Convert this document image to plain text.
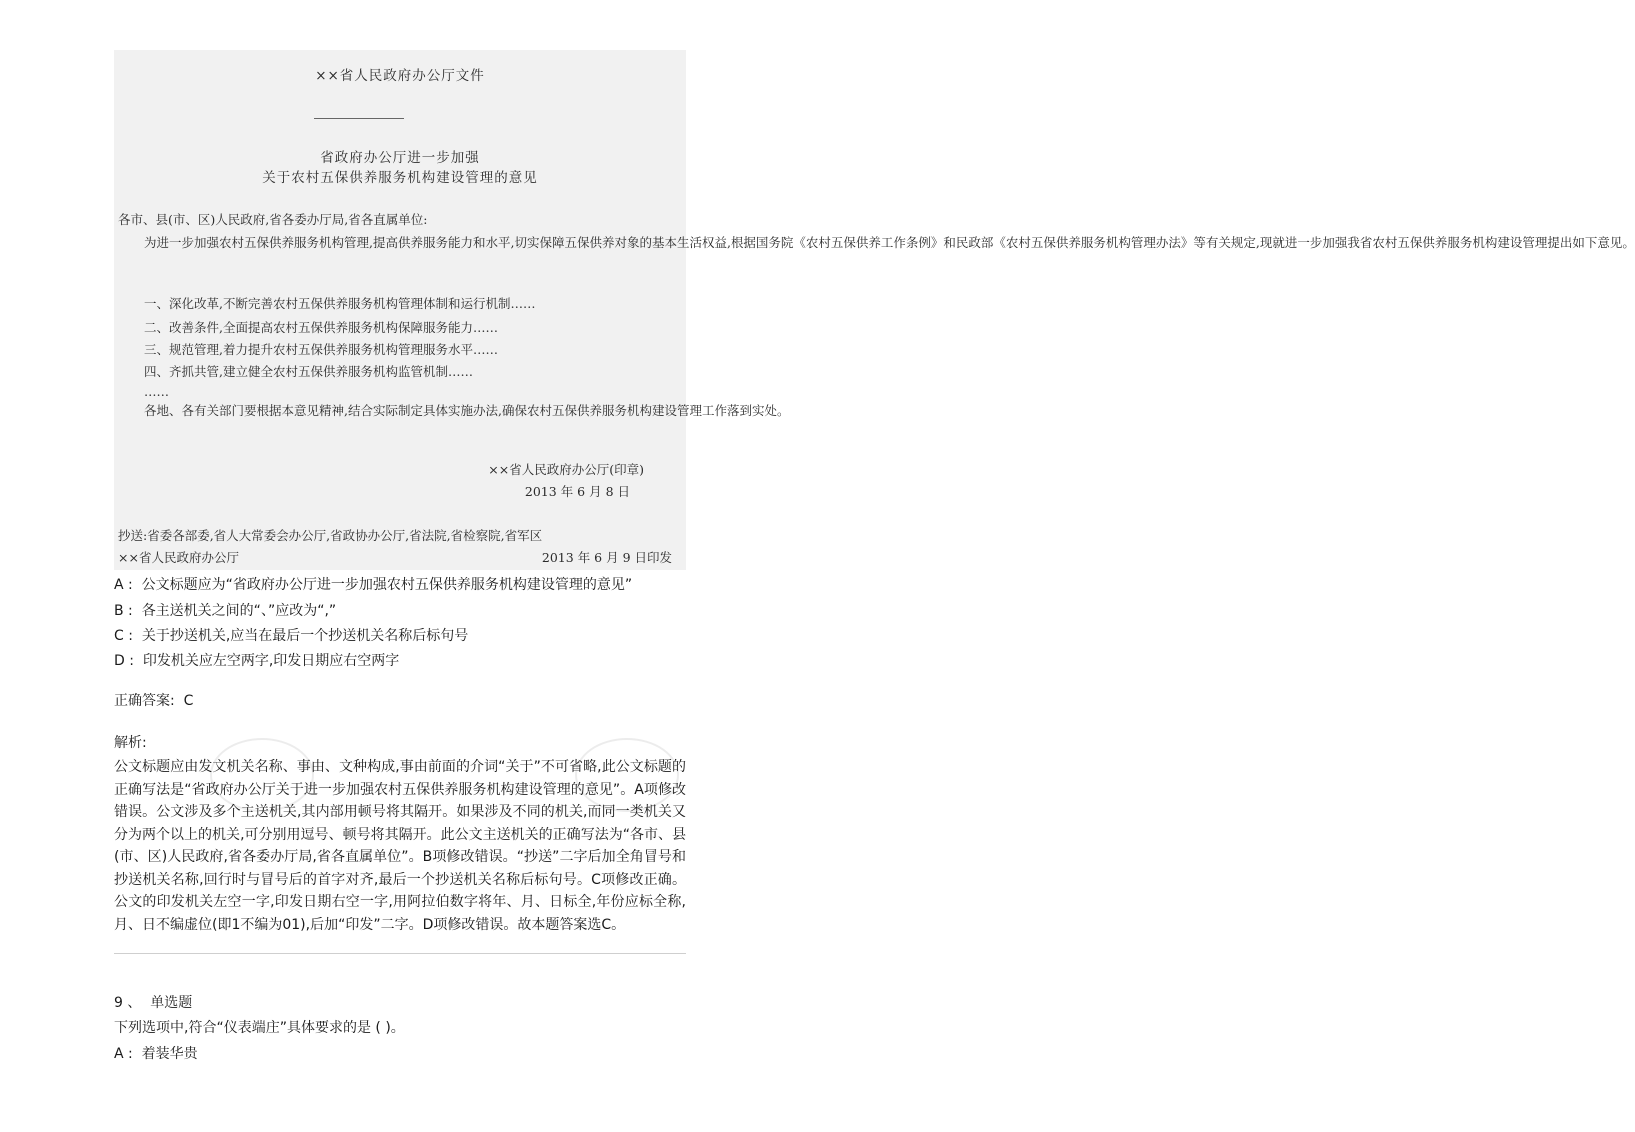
××省人民政府办公厅文件
省政府办公厅进一步加强
关于农村五保供养服务机构建设管理的意见
各市、县(市、区)人民政府,省各委办厅局,省各直属单位:
为进一步加强农村五保供养服务机构管理,提高供养服务能力和水平,切实保障五保供养对象的基本生活权益,根据国务院《农村五保供养工作条例》和民政部《农村五保供养服务机构管理办法》等有关规定,现就进一步加强我省农村五保供养服务机构建设管理提出如下意见。
一、深化改革,不断完善农村五保供养服务机构管理体制和运行机制……
二、改善条件,全面提高农村五保供养服务机构保障服务能力……
三、规范管理,着力提升农村五保供养服务机构管理服务水平……
四、齐抓共管,建立健全农村五保供养服务机构监管机制……
……
各地、各有关部门要根据本意见精神,结合实际制定具体实施办法,确保农村五保供养服务机构建设管理工作落到实处。
××省人民政府办公厅(印章)
2013 年 6 月 8 日
抄送:省委各部委,省人大常委会办公厅,省政协办公厅,省法院,省检察院,省军区
××省人民政府办公厅	2013 年 6 月 9 日印发
A : 公文标题应为“省政府办公厅进一步加强农村五保供养服务机构建设管理的意见”
B : 各主送机关之间的“、”应改为“,”
C : 关于抄送机关,应当在最后一个抄送机关名称后标句号
D : 印发机关应左空两字,印发日期应右空两字
正确答案: C
解析:
公文标题应由发文机关名称、事由、文种构成,事由前面的介词“关于”不可省略,此公文标题的正确写法是“省政府办公厅关于进一步加强农村五保供养服务机构建设管理的意见”。A项修改错误。公文涉及多个主送机关,其内部用顿号将其隔开。如果涉及不同的机关,而同一类机关又分为两个以上的机关,可分别用逗号、顿号将其隔开。此公文主送机关的正确写法为“各市、县(市、区)人民政府,省各委办厅局,省各直属单位”。B项修改错误。“抄送”二字后加全角冒号和抄送机关名称,回行时与冒号后的首字对齐,最后一个抄送机关名称后标句号。C项修改正确。公文的印发机关左空一字,印发日期右空一字,用阿拉伯数字将年、月、日标全,年份应标全称,月、日不编虚位(即1不编为01),后加“印发”二字。D项修改错误。故本题答案选C。
9 、 单选题
下列选项中,符合“仪表端庄”具体要求的是 ( )。
A : 着装华贵
